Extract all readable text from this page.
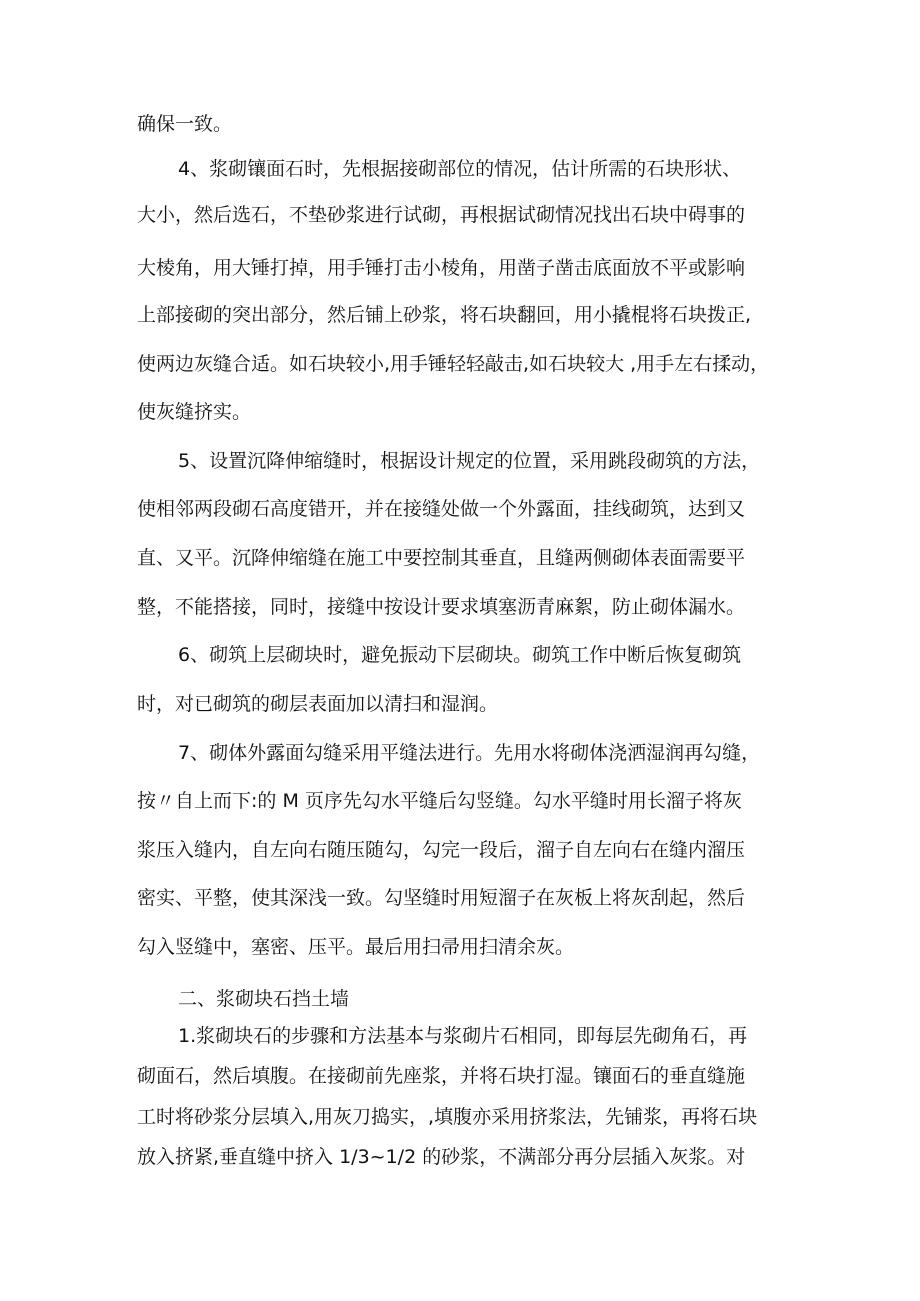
确保一致。
4、浆砌镶面石时，先根据接砌部位的情况，估计所需的石块形状、
大小，然后选石，不垫砂浆进行试砌，再根据试砌情况找出石块中碍事的
大棱角，用大锤打掉，用手锤打击小棱角，用凿子凿击底面放不平或影响
上部接砌的突出部分，然后铺上砂浆，将石块翻回，用小撬棍将石块拨正,
使两边灰缝合适。如石块较小,用手锤轻轻敲击,如石块较大 ,用手左右揉动，
使灰缝挤实。
5、设置沉降伸缩缝时，根据设计规定的位置，采用跳段砌筑的方法，
使相邻两段砌石高度错开，并在接缝处做一个外露面，挂线砌筑，达到又
直、又平。沉降伸缩缝在施工中要控制其垂直，且缝两侧砌体表面需要平
整，不能搭接，同时，接缝中按设计要求填塞沥青麻絮，防止砌体漏水。
6、砌筑上层砌块时，避免振动下层砌块。砌筑工作中断后恢复砌筑
时，对已砌筑的砌层表面加以清扫和湿润。
7、砌体外露面勾缝采用平缝法进行。先用水将砌体浇洒湿润再勾缝，
按〃自上而下:的 M 页序先勾水平缝后勾竖缝。勾水平缝时用长溜子将灰
浆压入缝内，自左向右随压随勾，勾完一段后，溜子自左向右在缝内溜压
密实、平整，使其深浅一致。勾坚缝时用短溜子在灰板上将灰刮起，然后
勾入竖缝中，塞密、压平。最后用扫帚用扫清余灰。
二、浆砌块石挡土墙
1.浆砌块石的步骤和方法基本与浆砌片石相同，即每层先砌角石，再
砌面石，然后填腹。在接砌前先座浆，并将石块打湿。镶面石的垂直缝施
工时将砂浆分层填入,用灰刀捣实，,填腹亦采用挤浆法，先铺浆，再将石块
放入挤紧,垂直缝中挤入 1/3~1/2 的砂浆，不满部分再分层插入灰浆。对
